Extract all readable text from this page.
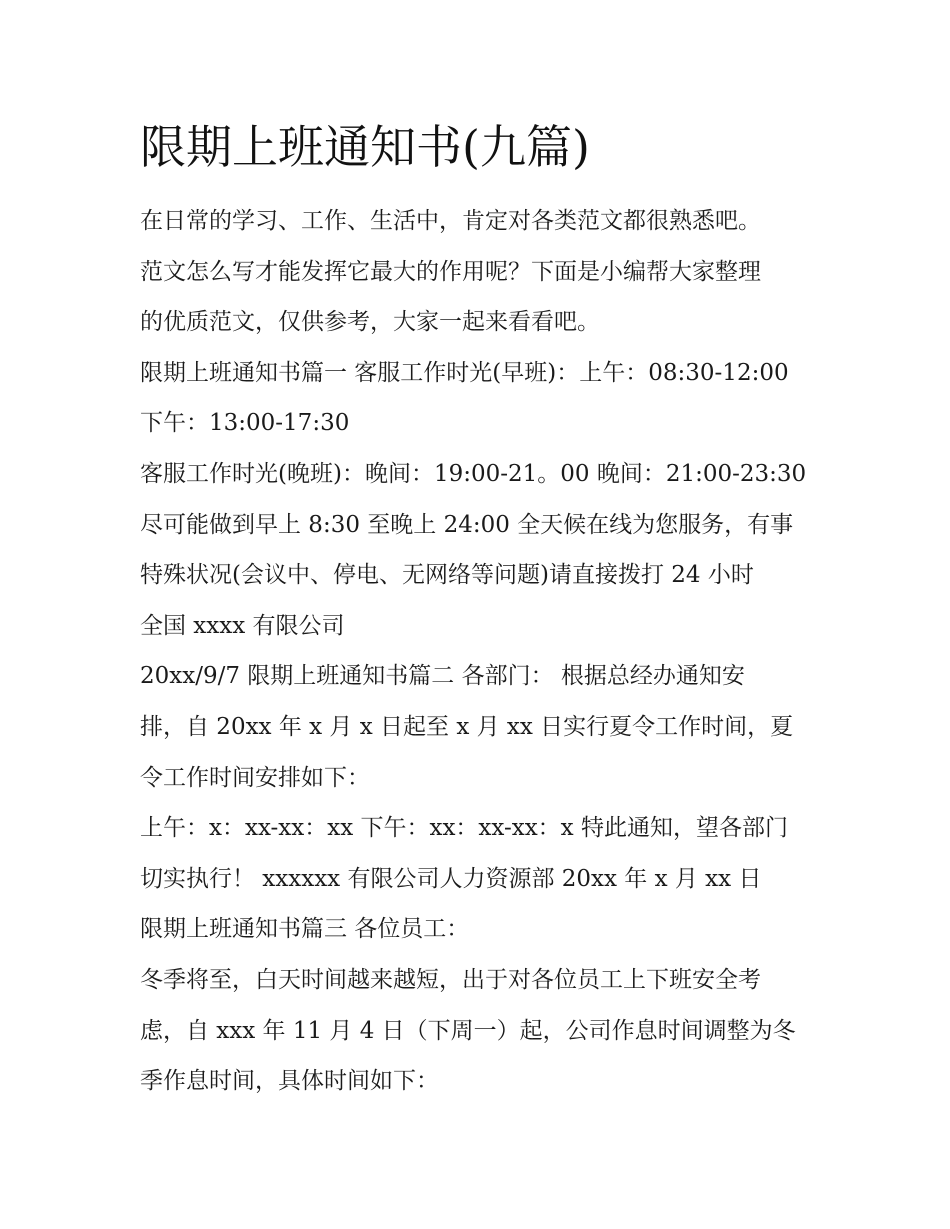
限期上班通知书(九篇)
在日常的学习、工作、生活中，肯定对各类范文都很熟悉吧。
范文怎么写才能发挥它最大的作用呢？下面是小编帮大家整理
的优质范文，仅供参考，大家一起来看看吧。
限期上班通知书篇一 客服工作时光(早班)：上午：08:30-12:00
下午：13:00-17:30
客服工作时光(晚班)：晚间：19:00-21。00 晚间：21:00-23:30
尽可能做到早上 8:30 至晚上 24:00 全天候在线为您服务，有事
特殊状况(会议中、停电、无网络等问题)请直接拨打 24 小时
全国 xxxx 有限公司
20xx/9/7 限期上班通知书篇二 各部门： 根据总经办通知安
排，自 20xx 年 x 月 x 日起至 x 月 xx 日实行夏令工作时间，夏
令工作时间安排如下：
上午：x：xx-xx：xx 下午：xx：xx-xx：x 特此通知，望各部门
切实执行！ xxxxxx 有限公司人力资源部 20xx 年 x 月 xx 日
限期上班通知书篇三 各位员工：
冬季将至，白天时间越来越短，出于对各位员工上下班安全考
虑，自 xxx 年 11 月 4 日（下周一）起，公司作息时间调整为冬
季作息时间，具体时间如下：
